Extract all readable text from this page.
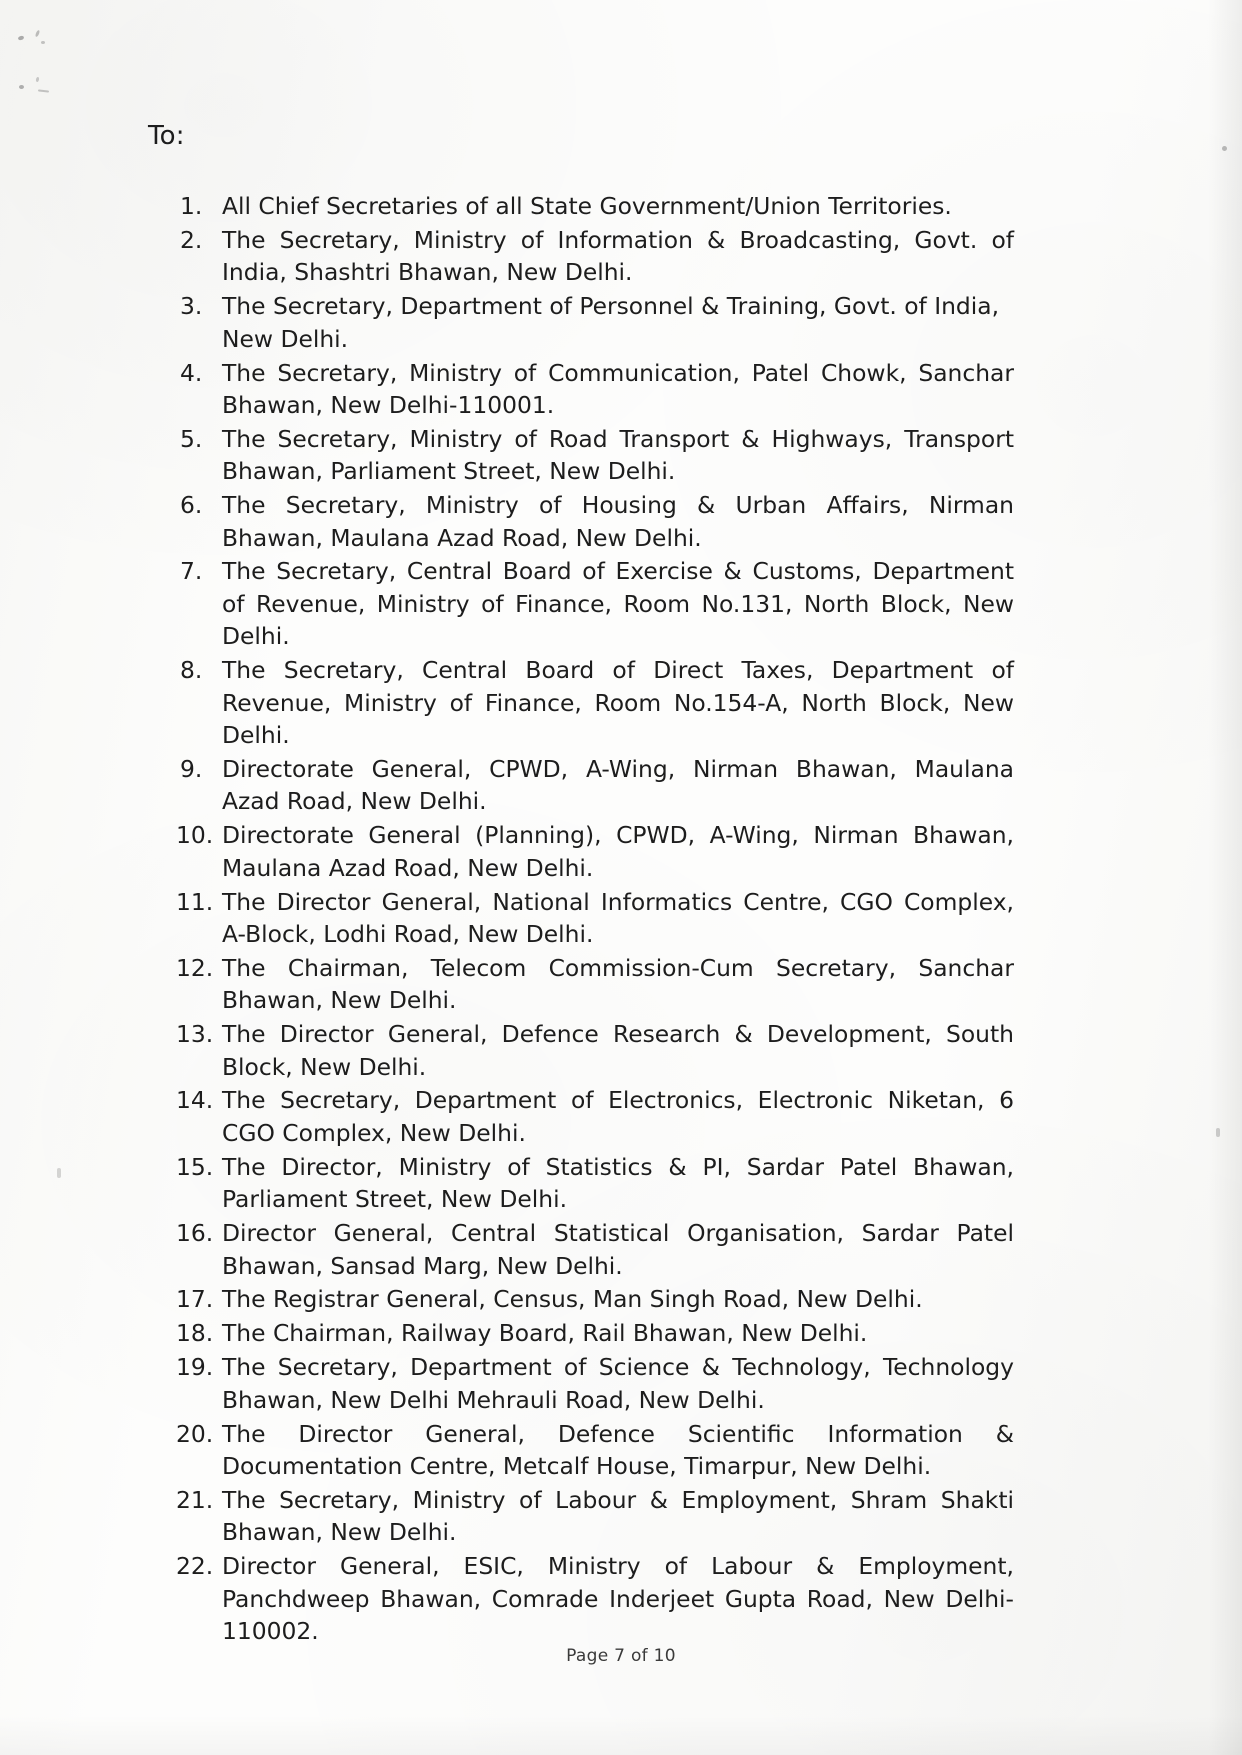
To:
1. All Chief Secretaries of all State Government/Union Territories.
2. The Secretary, Ministry of Information & Broadcasting, Govt. of India, Shashtri Bhawan, New Delhi.
3. The Secretary, Department of Personnel & Training, Govt. of India, New Delhi.
4. The Secretary, Ministry of Communication, Patel Chowk, Sanchar Bhawan, New Delhi-110001.
5. The Secretary, Ministry of Road Transport & Highways, Transport Bhawan, Parliament Street, New Delhi.
6. The Secretary, Ministry of Housing & Urban Affairs, Nirman Bhawan, Maulana Azad Road, New Delhi.
7. The Secretary, Central Board of Exercise & Customs, Department of Revenue, Ministry of Finance, Room No.131, North Block, New Delhi.
8. The Secretary, Central Board of Direct Taxes, Department of Revenue, Ministry of Finance, Room No.154-A, North Block, New Delhi.
9. Directorate General, CPWD, A-Wing, Nirman Bhawan, Maulana Azad Road, New Delhi.
10. Directorate General (Planning), CPWD, A-Wing, Nirman Bhawan, Maulana Azad Road, New Delhi.
11. The Director General, National Informatics Centre, CGO Complex, A-Block, Lodhi Road, New Delhi.
12. The Chairman, Telecom Commission-Cum Secretary, Sanchar Bhawan, New Delhi.
13. The Director General, Defence Research & Development, South Block, New Delhi.
14. The Secretary, Department of Electronics, Electronic Niketan, 6 CGO Complex, New Delhi.
15. The Director, Ministry of Statistics & PI, Sardar Patel Bhawan, Parliament Street, New Delhi.
16. Director General, Central Statistical Organisation, Sardar Patel Bhawan, Sansad Marg, New Delhi.
17. The Registrar General, Census, Man Singh Road, New Delhi.
18. The Chairman, Railway Board, Rail Bhawan, New Delhi.
19. The Secretary, Department of Science & Technology, Technology Bhawan, New Delhi Mehrauli Road, New Delhi.
20. The Director General, Defence Scientific Information & Documentation Centre, Metcalf House, Timarpur, New Delhi.
21. The Secretary, Ministry of Labour & Employment, Shram Shakti Bhawan, New Delhi.
22. Director General, ESIC, Ministry of Labour & Employment, Panchdweep Bhawan, Comrade Inderjeet Gupta Road, New Delhi-110002.
Page 7 of 10
